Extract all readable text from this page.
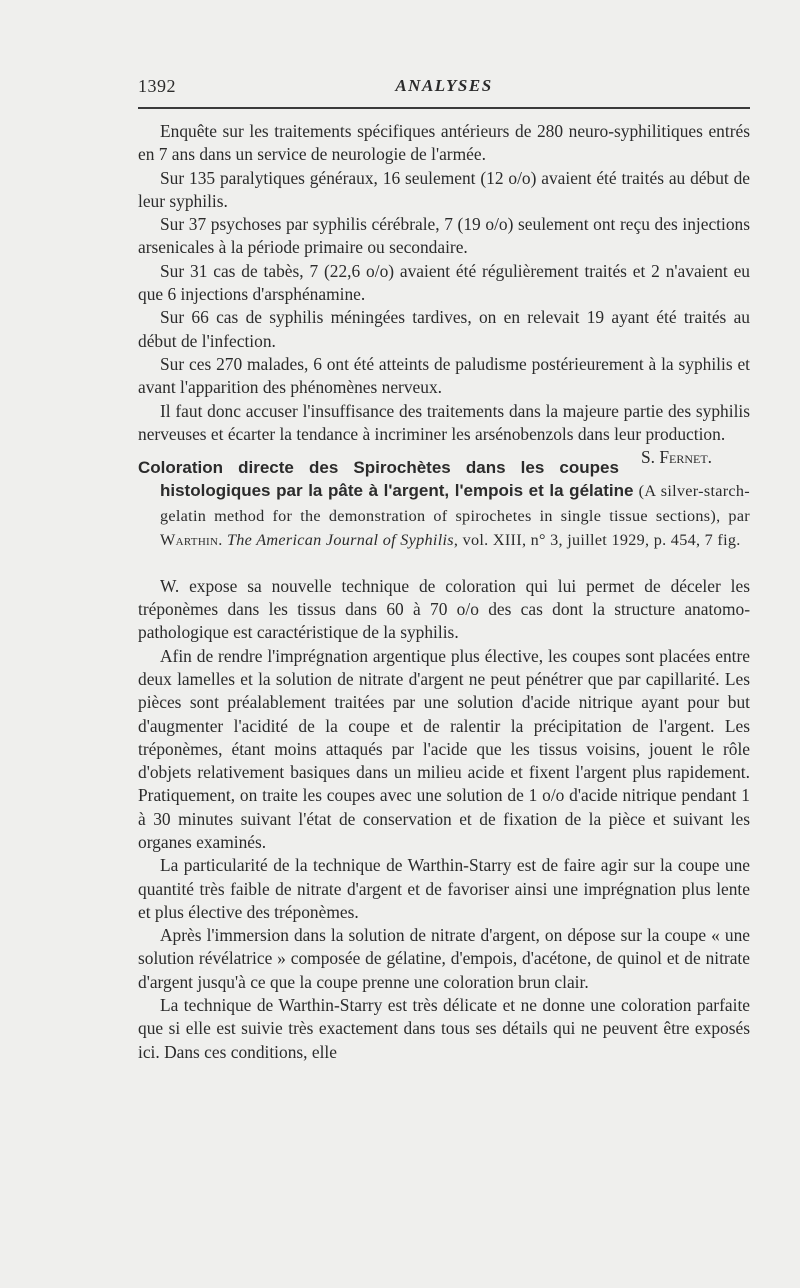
1392	ANALYSES

Enquête sur les traitements spécifiques antérieurs de 280 neuro-syphilitiques entrés en 7 ans dans un service de neurologie de l'armée.

Sur 135 paralytiques généraux, 16 seulement (12 o/o) avaient été traités au début de leur syphilis.

Sur 37 psychoses par syphilis cérébrale, 7 (19 o/o) seulement ont reçu des injections arsenicales à la période primaire ou secondaire.

Sur 31 cas de tabès, 7 (22,6 o/o) avaient été régulièrement traités et 2 n'avaient eu que 6 injections d'arsphénamine.

Sur 66 cas de syphilis méningées tardives, on en relevait 19 ayant été traités au début de l'infection.

Sur ces 270 malades, 6 ont été atteints de paludisme postérieurement à la syphilis et avant l'apparition des phénomènes nerveux.

Il faut donc accuser l'insuffisance des traitements dans la majeure partie des syphilis nerveuses et écarter la tendance à incriminer les arsénobenzols dans leur production.
S. Fernet.

Coloration directe des Spirochètes dans les coupes histologiques par la pâte à l'argent, l'empois et la gélatine (A silver-starch-gelatin method for the demonstration of spirochetes in single tissue sections), par Warthin. The American Journal of Syphilis, vol. XIII, n° 3, juillet 1929, p. 454, 7 fig.

W. expose sa nouvelle technique de coloration qui lui permet de déceler les tréponèmes dans les tissus dans 60 à 70 o/o des cas dont la structure anatomo-pathologique est caractéristique de la syphilis.

Afin de rendre l'imprégnation argentique plus élective, les coupes sont placées entre deux lamelles et la solution de nitrate d'argent ne peut pénétrer que par capillarité. Les pièces sont préalablement traitées par une solution d'acide nitrique ayant pour but d'augmenter l'acidité de la coupe et de ralentir la précipitation de l'argent. Les tréponèmes, étant moins attaqués par l'acide que les tissus voisins, jouent le rôle d'objets relativement basiques dans un milieu acide et fixent l'argent plus rapidement. Pratiquement, on traite les coupes avec une solution de 1 o/o d'acide nitrique pendant 1 à 30 minutes suivant l'état de conservation et de fixation de la pièce et suivant les organes examinés.

La particularité de la technique de Warthin-Starry est de faire agir sur la coupe une quantité très faible de nitrate d'argent et de favoriser ainsi une imprégnation plus lente et plus élective des tréponèmes.

Après l'immersion dans la solution de nitrate d'argent, on dépose sur la coupe « une solution révélatrice » composée de gélatine, d'empois, d'acétone, de quinol et de nitrate d'argent jusqu'à ce que la coupe prenne une coloration brun clair.

La technique de Warthin-Starry est très délicate et ne donne une coloration parfaite que si elle est suivie très exactement dans tous ses détails qui ne peuvent être exposés ici. Dans ces conditions, elle
